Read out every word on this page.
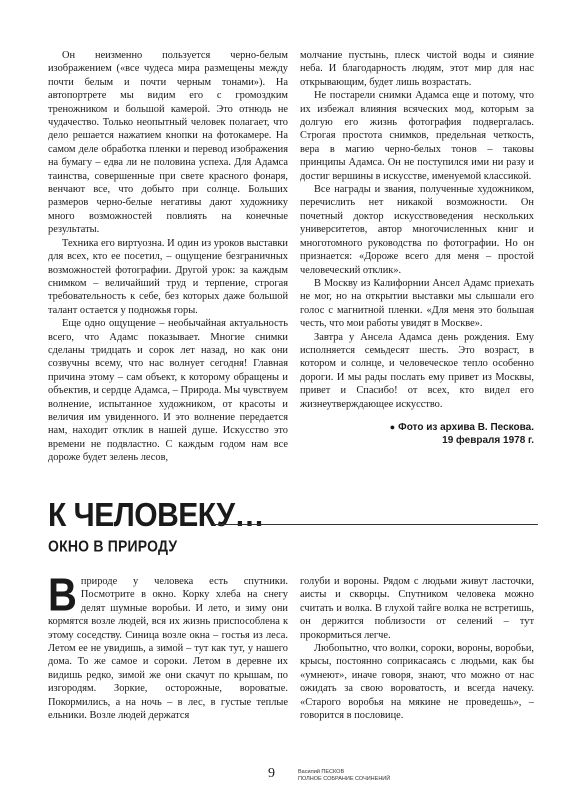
Он неизменно пользуется черно-белым изображением («все чудеса мира размещены между почти белым и почти черным тонами»). На автопортрете мы видим его с громоздким треножником и большой камерой. Это отнюдь не чудачество. Только неопытный человек полагает, что дело решается нажатием кнопки на фотокамере. На самом деле обработка пленки и перевод изображения на бумагу – едва ли не половина успеха. Для Адамса таинства, совершенные при свете красного фонаря, венчают все, что добыто при солнце. Больших размеров черно-белые негативы дают художнику много возможностей повлиять на конечные результаты.

Техника его виртуозна. И один из уроков выставки для всех, кто ее посетил, – ощущение безграничных возможностей фотографии. Другой урок: за каждым снимком – величайший труд и терпение, строгая требовательность к себе, без которых даже большой талант остается у подножья горы.

Еще одно ощущение – необычайная актуальность всего, что Адамс показывает. Многие снимки сделаны тридцать и сорок лет назад, но как они созвучны всему, что нас волнует сегодня! Главная причина этому – сам объект, к которому обращены и объектив, и сердце Адамса, – Природа. Мы чувствуем волнение, испытанное художником, от красоты и величия им увиденного. И это волнение передается нам, находит отклик в нашей душе. Искусство это времени не подвластно. С каждым годом нам все дороже будет зелень лесов,

молчание пустынь, плеск чистой воды и сияние неба. И благодарность людям, этот мир для нас открывающим, будет лишь возрастать.

Не постарели снимки Адамса еще и потому, что их избежал влияния всяческих мод, которым за долгую его жизнь фотография подвергалась. Строгая простота снимков, предельная четкость, вера в магию черно-белых тонов – таковы принципы Адамса. Он не поступился ими ни разу и достиг вершины в искусстве, именуемой классикой.

Все награды и звания, полученные художником, перечислить нет никакой возможности. Он почетный доктор искусствоведения нескольких университетов, автор многочисленных книг и многотомного руководства по фотографии. Но он признается: «Дороже всего для меня – простой человеческий отклик».

В Москву из Калифорнии Ансел Адамс приехать не мог, но на открытии выставки мы слышали его голос с магнитной пленки. «Для меня это большая честь, что мои работы увидят в Москве».

Завтра у Ансела Адамса день рождения. Ему исполняется семьдесят шесть. Это возраст, в котором и солнце, и человеческое тепло особенно дороги. И мы рады послать ему привет из Москвы, привет и Спасибо! от всех, кто видел его жизнеутверждающее искусство.

● Фото из архива В. Пескова.
19 февраля 1978 г.
К ЧЕЛОВЕКУ…
ОКНО В ПРИРОДУ

Вприроде у человека есть спутники. Посмотрите в окно. Корку хлеба на снегу делят шумные воробьи. И лето, и зиму они кормятся возле людей, вся их жизнь приспособлена к этому соседству. Синица возле окна – гостья из леса. Летом ее не увидишь, а зимой – тут как тут, у нашего дома. То же самое и сороки. Летом в деревне их видишь редко, зимой же они скачут по крышам, по изгородям. Зоркие, осторожные, вороватые. Покормились, а на ночь – в лес, в густые теплые ельники. Возле людей держатся

голуби и вороны. Рядом с людьми живут ласточки, аисты и скворцы. Спутником человека можно считать и волка. В глухой тайге волка не встретишь, он держится поблизости от селений – тут прокормиться легче.

Любопытно, что волки, сороки, вороны, воробьи, крысы, постоянно соприкасаясь с людьми, как бы «умнеют», иначе говоря, знают, что можно от нас ожидать за свою вороватость, и всегда начеку. «Старого воробья на мякине не проведешь», – говорится в пословице.

9	Василий ПЕСКОВ
ПОЛНОЕ СОБРАНИЕ СОЧИНЕНИЙ
